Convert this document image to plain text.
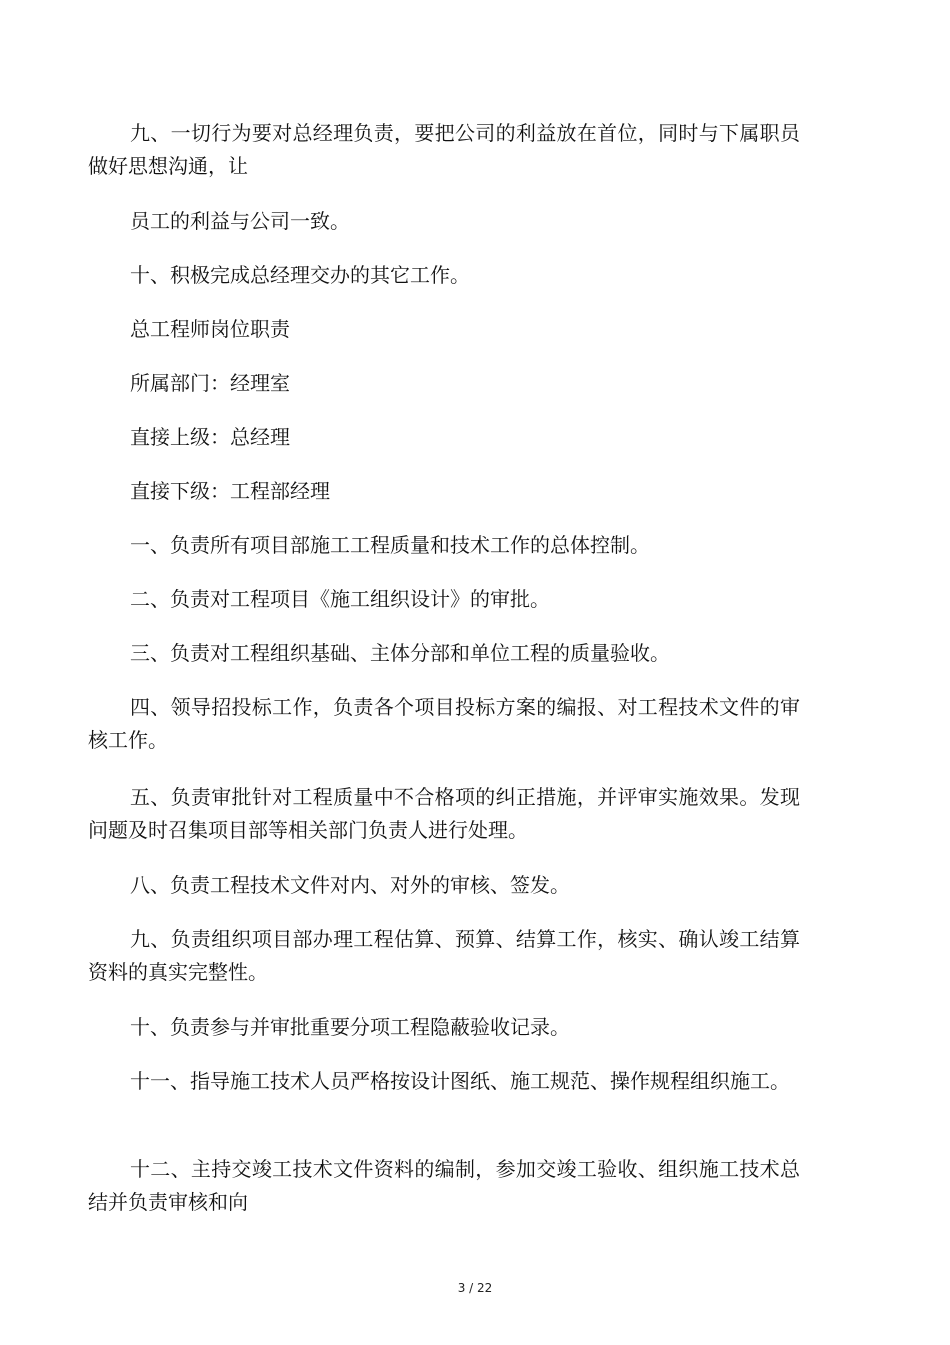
九、一切行为要对总经理负责，要把公司的利益放在首位，同时与下属职员做好思想沟通，让

员工的利益与公司一致。

十、积极完成总经理交办的其它工作。

总工程师岗位职责

所属部门：经理室

直接上级：总经理

直接下级：工程部经理

一、负责所有项目部施工工程质量和技术工作的总体控制。

二、负责对工程项目《施工组织设计》的审批。

三、负责对工程组织基础、主体分部和单位工程的质量验收。

四、领导招投标工作，负责各个项目投标方案的编报、对工程技术文件的审核工作。

五、负责审批针对工程质量中不合格项的纠正措施，并评审实施效果。发现问题及时召集项目部等相关部门负责人进行处理。

八、负责工程技术文件对内、对外的审核、签发。

九、负责组织项目部办理工程估算、预算、结算工作，核实、确认竣工结算资料的真实完整性。

十、负责参与并审批重要分项工程隐蔽验收记录。

十一、指导施工技术人员严格按设计图纸、施工规范、操作规程组织施工。

十二、主持交竣工技术文件资料的编制，参加交竣工验收、组织施工技术总结并负责审核和向

3 / 22
